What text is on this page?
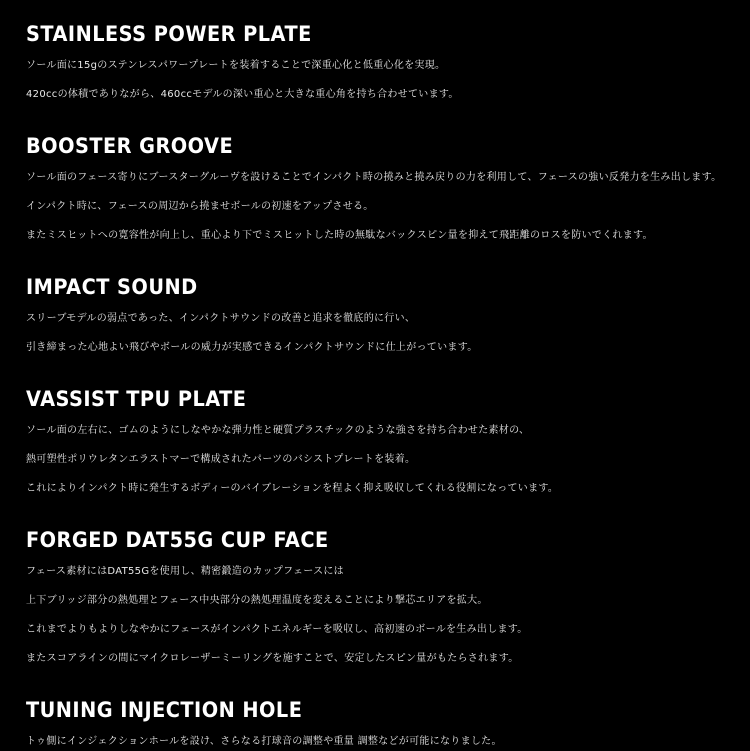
STAINLESS POWER PLATE

ソール面に15gのステンレスパワープレートを装着することで深重心化と低重心化を実現。

420ccの体積でありながら、460ccモデルの深い重心と大きな重心角を持ち合わせています。

BOOSTER GROOVE

ソール面のフェース寄りにブースターグルーヴを設けることでインパクト時の撓みと撓み戻りの力を利用して、フェースの強い反発力を生み出します。

インパクト時に、フェースの周辺から撓ませボールの初速をアップさせる。

またミスヒットへの寛容性が向上し、重心より下でミスヒットした時の無駄なバックスピン量を抑えて飛距離のロスを防いでくれます。

IMPACT SOUND

スリーブモデルの弱点であった、インパクトサウンドの改善と追求を徹底的に行い、

引き締まった心地よい飛びやボールの威力が実感できるインパクトサウンドに仕上がっています。

VASSIST TPU PLATE

ソール面の左右に、ゴムのようにしなやかな弾力性と硬質プラスチックのような強さを持ち合わせた素材の、

熱可塑性ポリウレタンエラストマーで構成されたパーツのバシストプレートを装着。

これによりインパクト時に発生するボディーのバイブレーションを程よく抑え吸収してくれる役割になっています。

FORGED DAT55G CUP FACE

フェース素材にはDAT55Gを使用し、精密鍛造のカップフェースには

上下ブリッジ部分の熱処理とフェース中央部分の熱処理温度を変えることにより撃芯エリアを拡大。

これまでよりもよりしなやかにフェースがインパクトエネルギーを吸収し、高初速のボールを生み出します。

またスコアラインの間にマイクロレーザーミーリングを施すことで、安定したスピン量がもたらされます。

TUNING INJECTION HOLE

トゥ側にインジェクションホールを設け、さらなる打球音の調整や重量 調整などが可能になりました。
